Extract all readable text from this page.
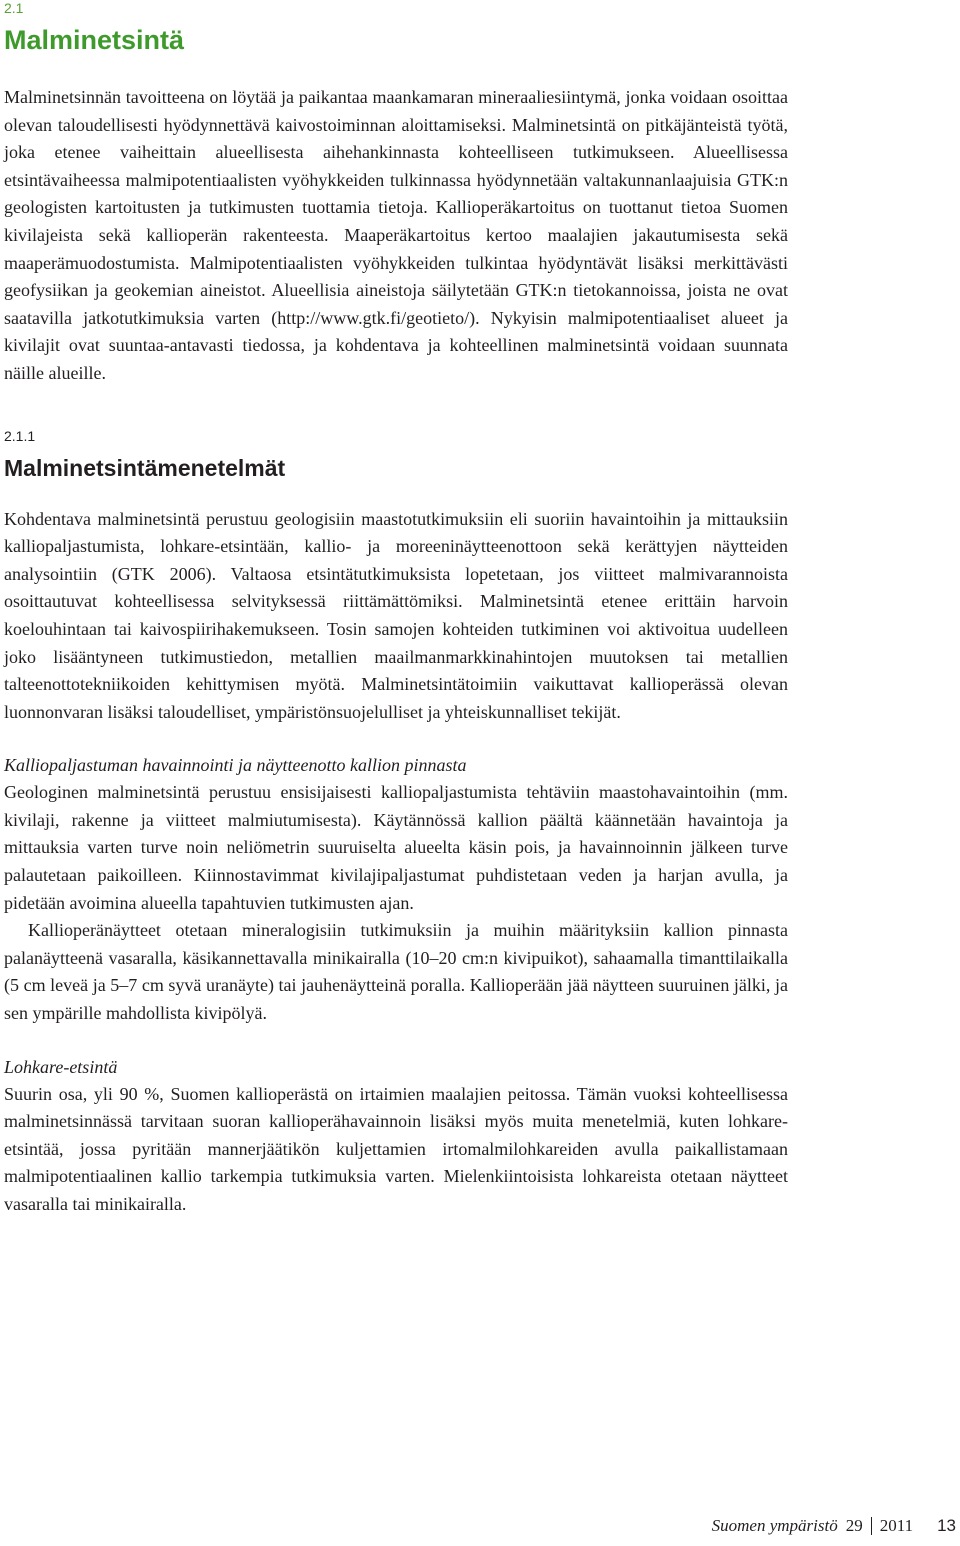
2.1
Malminetsintä

Malminetsinnän tavoitteena on löytää ja paikantaa maankamaran mineraaliesiintymä, jonka voidaan osoittaa olevan taloudellisesti hyödynnettävä kaivostoiminnan aloittamiseksi. Malminetsintä on pitkäjänteistä työtä, joka etenee vaiheittain alueellisesta aihehankinnasta kohteelliseen tutkimukseen. Alueellisessa etsintävaiheessa malmipotentiaalisten vyöhykkeiden tulkinnassa hyödynnetään valtakunnanlaajuisia GTK:n geologisten kartoitusten ja tutkimusten tuottamia tietoja. Kallioperäkartoitus on tuottanut tietoa Suomen kivilajeista sekä kallioperän rakenteesta. Maaperäkartoitus kertoo maalajien jakautumisesta sekä maaperämuodostumista. Malmipotentiaalisten vyöhykkeiden tulkintaa hyödyntävät lisäksi merkittävästi geofysiikan ja geokemian aineistot. Alueellisia aineistoja säilytetään GTK:n tietokannoissa, joista ne ovat saatavilla jatkotutkimuksia varten (http://www.gtk.fi/geotieto/). Nykyisin malmipotentiaaliset alueet ja kivilajit ovat suuntaa-antavasti tiedossa, ja kohdentava ja kohteellinen malminetsintä voidaan suunnata näille alueille.

2.1.1
Malminetsintämenetelmät

Kohdentava malminetsintä perustuu geologisiin maastotutkimuksiin eli suoriin havaintoihin ja mittauksiin kalliopaljastumista, lohkare-etsintään, kallio- ja moreeninäytteenottoon sekä kerättyjen näytteiden analysointiin (GTK 2006). Valtaosa etsintätutkimuksista lopetetaan, jos viitteet malmivarannoista osoittautuvat kohteellisessa selvityksessä riittämättömiksi. Malminetsintä etenee erittäin harvoin koelouhintaan tai kaivospiirihakemukseen. Tosin samojen kohteiden tutkiminen voi aktivoitua uudelleen joko lisääntyneen tutkimustiedon, metallien maailmanmarkkinahintojen muutoksen tai metallien talteenottotekniikoiden kehittymisen myötä. Malminetsintätoimiin vaikuttavat kallioperässä olevan luonnonvaran lisäksi taloudelliset, ympäristönsuojelulliset ja yhteiskunnalliset tekijät.

Kalliopaljastuman havainnointi ja näytteenotto kallion pinnasta

Geologinen malminetsintä perustuu ensisijaisesti kalliopaljastumista tehtäviin maastohavaintoihin (mm. kivilaji, rakenne ja viitteet malmiutumisesta). Käytännössä kallion päältä käännetään havaintoja ja mittauksia varten turve noin neliömetrin suuruiselta alueelta käsin pois, ja havainnoinnin jälkeen turve palautetaan paikoilleen. Kiinnostavimmat kivilajipaljastumat puhdistetaan veden ja harjan avulla, ja pidetään avoimina alueella tapahtuvien tutkimusten ajan.

Kallioperänäytteet otetaan mineralogisiin tutkimuksiin ja muihin määrityksiin kallion pinnasta palanäytteenä vasaralla, käsikannettavalla minikairalla (10–20 cm:n kivipuikot), sahaamalla timanttilaikalla (5 cm leveä ja 5–7 cm syvä uranäyte) tai jauhenäytteinä poralla. Kallioperään jää näytteen suuruinen jälki, ja sen ympärille mahdollista kivipölyä.

Lohkare-etsintä

Suurin osa, yli 90 %, Suomen kallioperästä on irtaimien maalajien peitossa. Tämän vuoksi kohteellisessa malminetsinnässä tarvitaan suoran kallioperähavainnoin lisäksi myös muita menetelmiä, kuten lohkare-etsintää, jossa pyritään mannerjäätikön kuljettamien irtomalmilohkareiden avulla paikallistamaan malmipotentiaalinen kallio tarkempia tutkimuksia varten. Mielenkiintoisista lohkareista otetaan näytteet vasaralla tai minikairalla.

Suomen ympäristö 29 2011 13
